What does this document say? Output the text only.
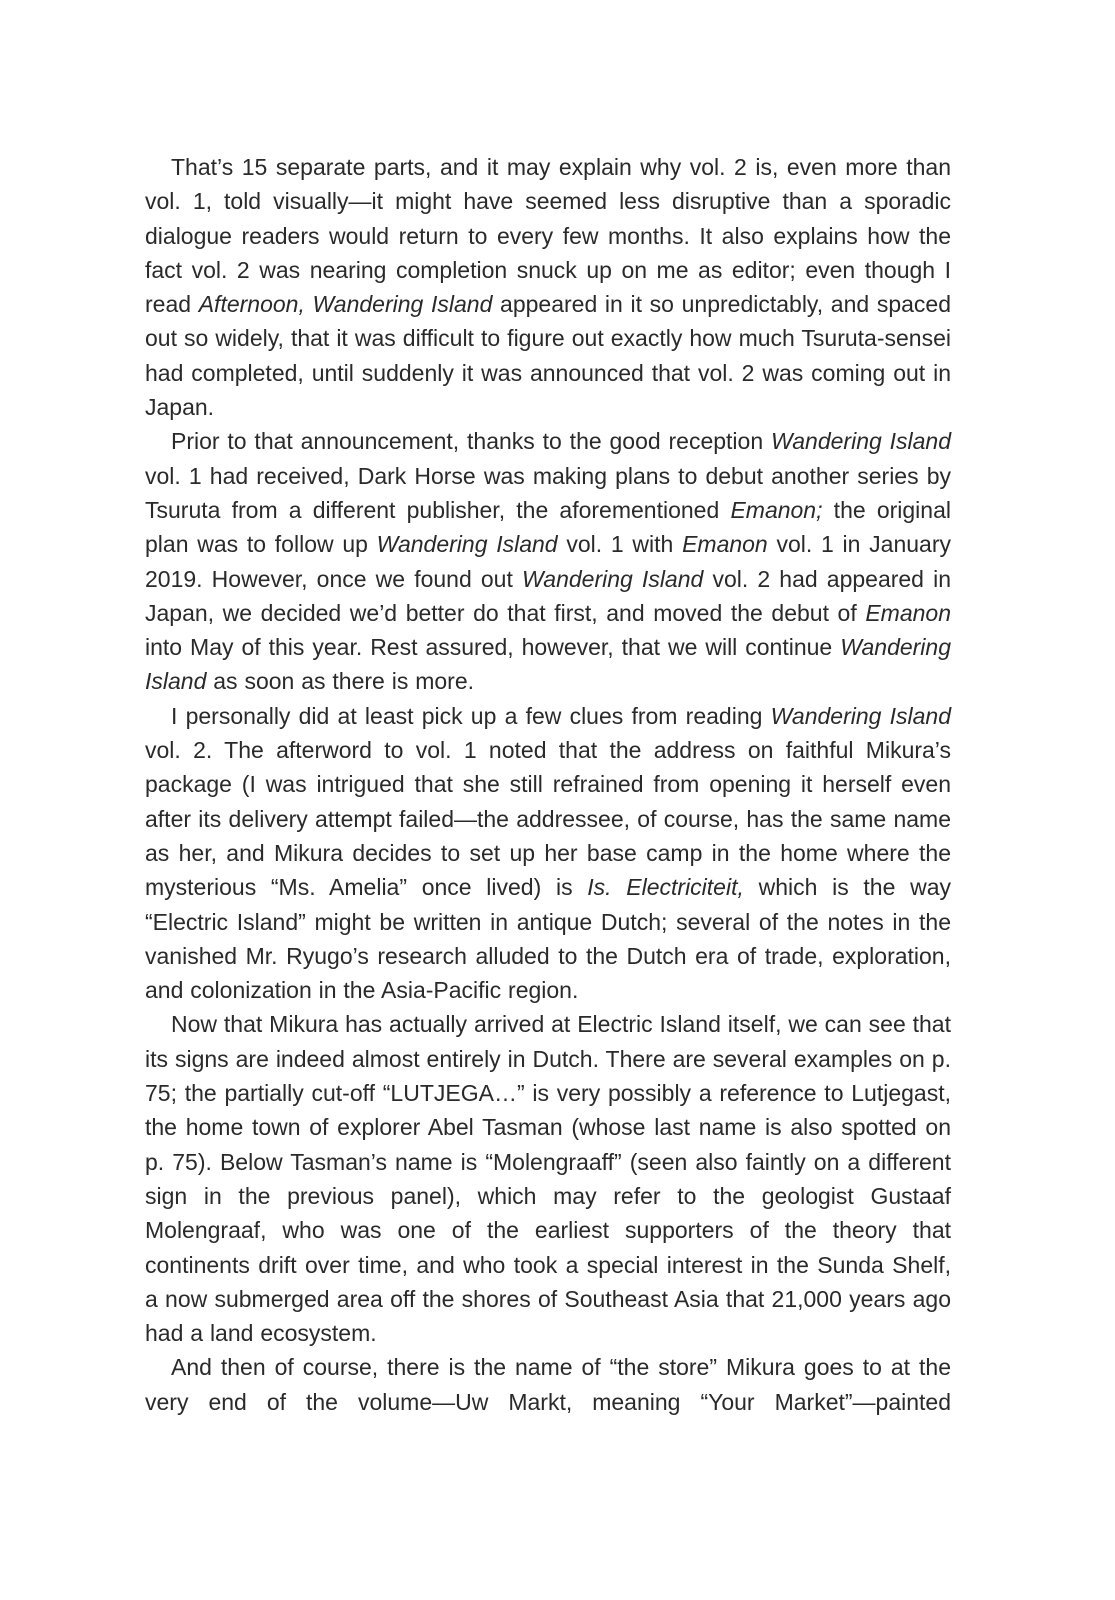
That’s 15 separate parts, and it may explain why vol. 2 is, even more than vol. 1, told visually—it might have seemed less disruptive than a sporadic dialogue readers would return to every few months. It also explains how the fact vol. 2 was nearing completion snuck up on me as editor; even though I read Afternoon, Wandering Island appeared in it so unpredictably, and spaced out so widely, that it was difficult to figure out exactly how much Tsuruta-sensei had completed, until suddenly it was announced that vol. 2 was coming out in Japan.

Prior to that announcement, thanks to the good reception Wandering Island vol. 1 had received, Dark Horse was making plans to debut another series by Tsuruta from a different publisher, the aforementioned Emanon; the original plan was to follow up Wandering Island vol. 1 with Emanon vol. 1 in January 2019. However, once we found out Wandering Island vol. 2 had appeared in Japan, we decided we’d better do that first, and moved the debut of Emanon into May of this year. Rest assured, however, that we will continue Wandering Island as soon as there is more.

I personally did at least pick up a few clues from reading Wandering Island vol. 2. The afterword to vol. 1 noted that the address on faithful Mikura’s package (I was intrigued that she still refrained from opening it herself even after its delivery attempt failed—the addressee, of course, has the same name as her, and Mikura decides to set up her base camp in the home where the mysterious “Ms. Amelia” once lived) is Is. Electriciteit, which is the way “Electric Island” might be written in antique Dutch; several of the notes in the vanished Mr. Ryugo’s research alluded to the Dutch era of trade, exploration, and colonization in the Asia-Pacific region.

Now that Mikura has actually arrived at Electric Island itself, we can see that its signs are indeed almost entirely in Dutch. There are several examples on p. 75; the partially cut-off “LUTJEGA…” is very possibly a reference to Lutjegast, the home town of explorer Abel Tasman (whose last name is also spotted on p. 75). Below Tasman’s name is “Molengraaff” (seen also faintly on a different sign in the previous panel), which may refer to the geologist Gustaaf Molengraaf, who was one of the earliest supporters of the theory that continents drift over time, and who took a special interest in the Sunda Shelf, a now submerged area off the shores of Southeast Asia that 21,000 years ago had a land ecosystem.

And then of course, there is the name of “the store” Mikura goes to at the very end of the volume—Uw Markt, meaning “Your Market”—painted
